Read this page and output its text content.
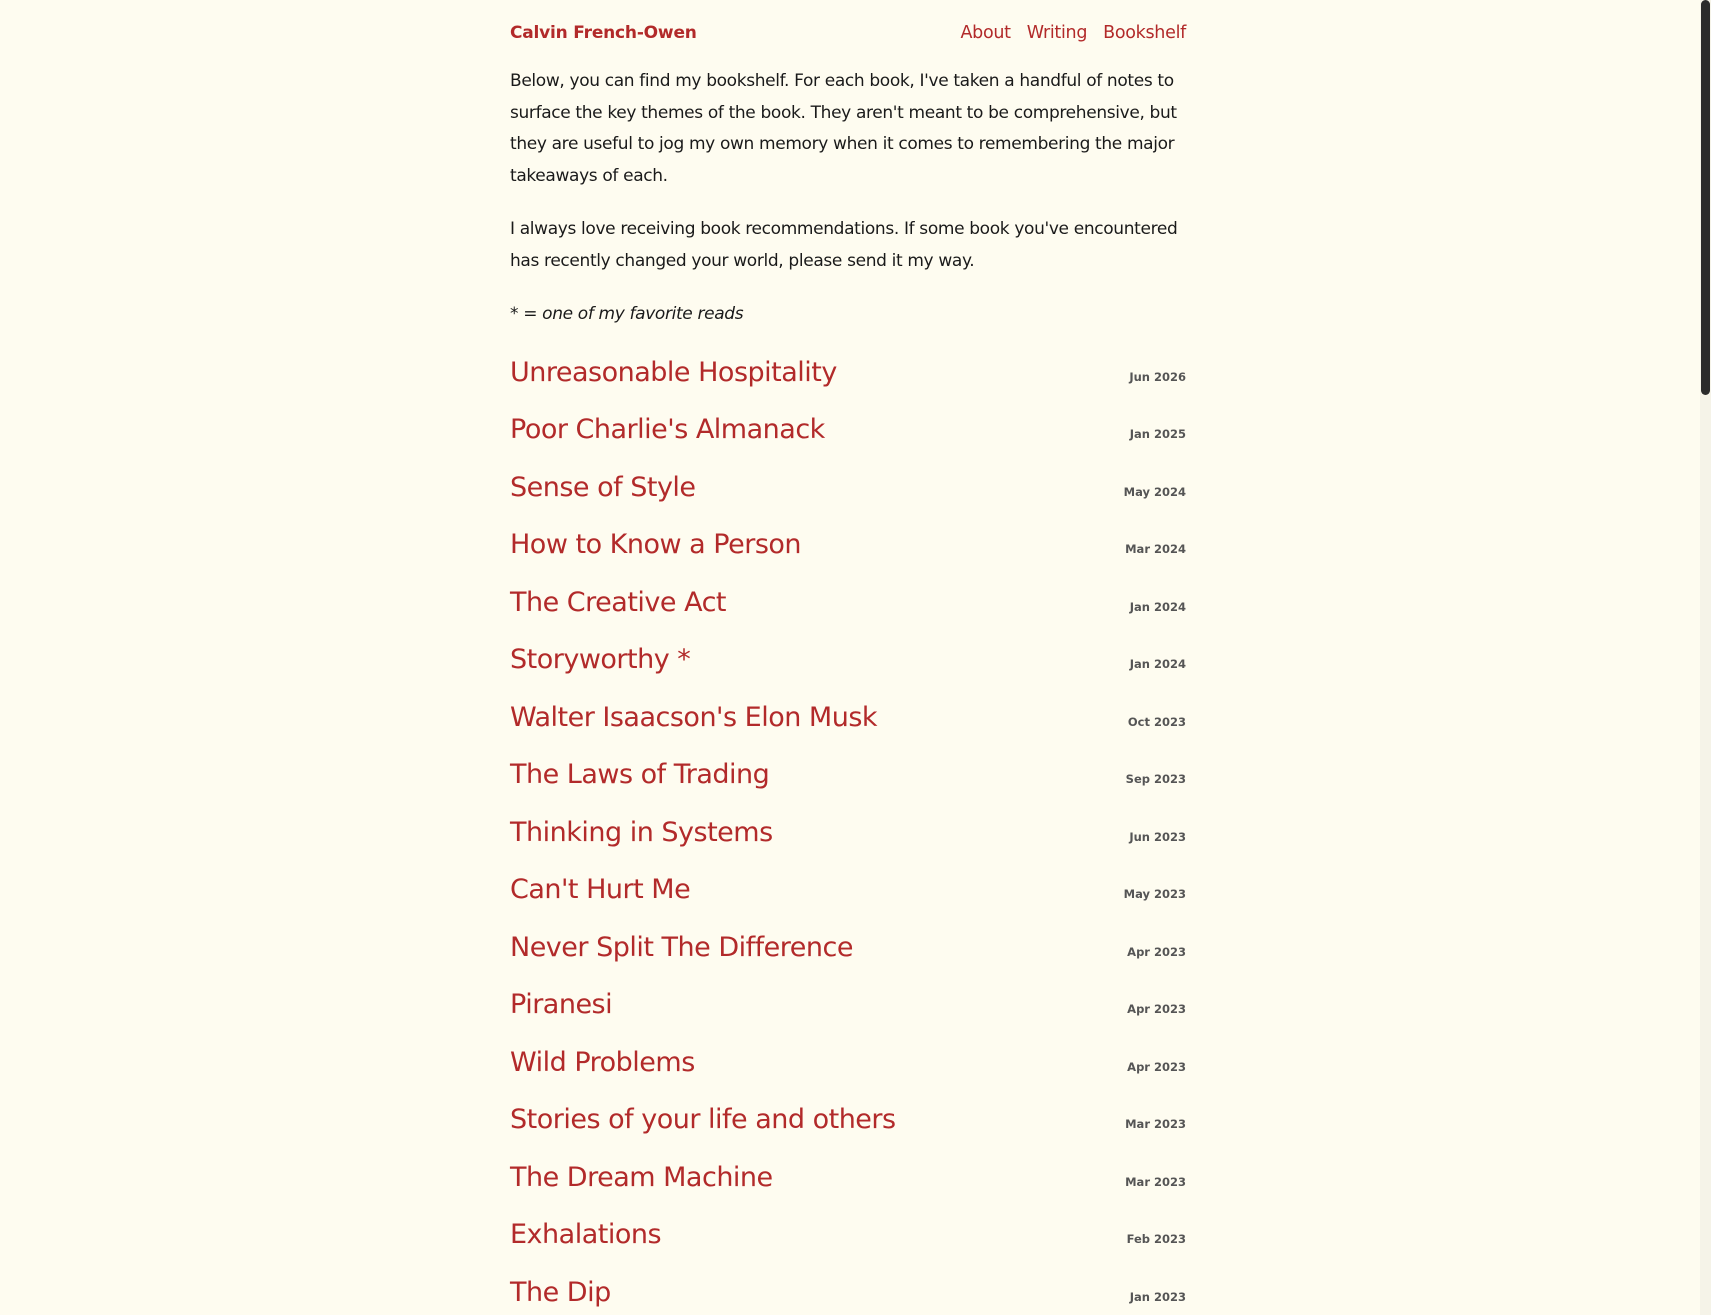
Calvin French-Owen	About Writing Bookshelf

Below, you can find my bookshelf. For each book, I've taken a handful of notes to surface the key themes of the book. They aren't meant to be comprehensive, but they are useful to jog my own memory when it comes to remembering the major takeaways of each.

I always love receiving book recommendations. If some book you've encountered has recently changed your world, please send it my way.

* = one of my favorite reads

Unreasonable Hospitality	Jun 2026
Poor Charlie's Almanack	Jan 2025
Sense of Style	May 2024
How to Know a Person	Mar 2024
The Creative Act	Jan 2024
Storyworthy *	Jan 2024
Walter Isaacson's Elon Musk	Oct 2023
The Laws of Trading	Sep 2023
Thinking in Systems	Jun 2023
Can't Hurt Me	May 2023
Never Split The Difference	Apr 2023
Piranesi	Apr 2023
Wild Problems	Apr 2023
Stories of your life and others	Mar 2023
The Dream Machine	Mar 2023
Exhalations	Feb 2023
The Dip	Jan 2023
